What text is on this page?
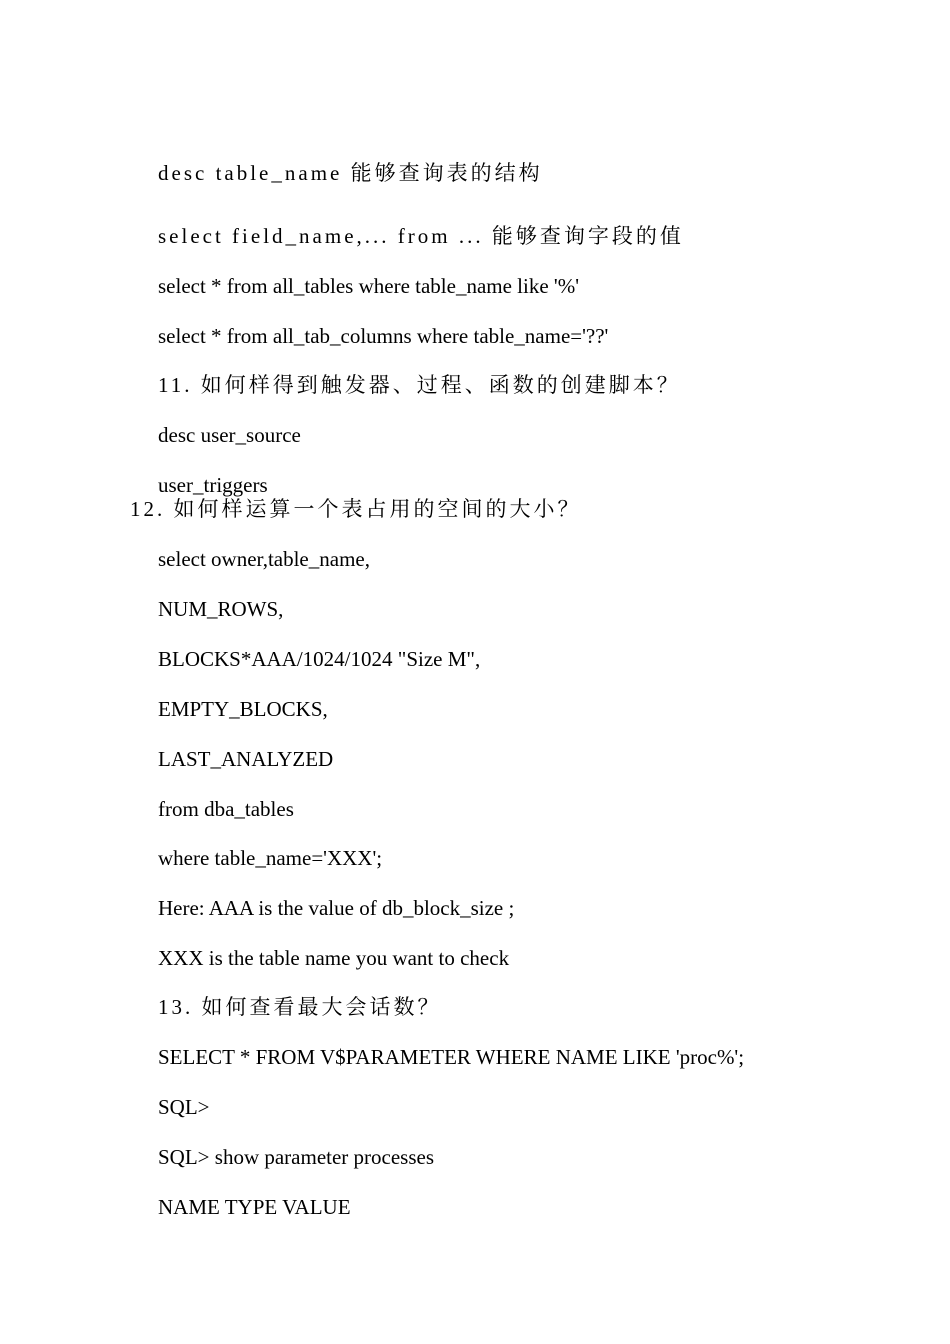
desc table_name 能够查询表的结构
select field_name,... from ... 能够查询字段的值
select * from all_tables where table_name like '%'
select * from all_tab_columns where table_name='??'
11. 如何样得到触发器、过程、函数的创建脚本？
desc user_source
user_triggers
12. 如何样运算一个表占用的空间的大小？
select owner,table_name,
NUM_ROWS,
BLOCKS*AAA/1024/1024 "Size M",
EMPTY_BLOCKS,
LAST_ANALYZED
from dba_tables
where table_name='XXX';
Here: AAA is the value of db_block_size ;
XXX is the table name you want to check
13. 如何查看最大会话数？
SELECT * FROM V$PARAMETER WHERE NAME LIKE 'proc%';
SQL>
SQL> show parameter processes
NAME TYPE VALUE
